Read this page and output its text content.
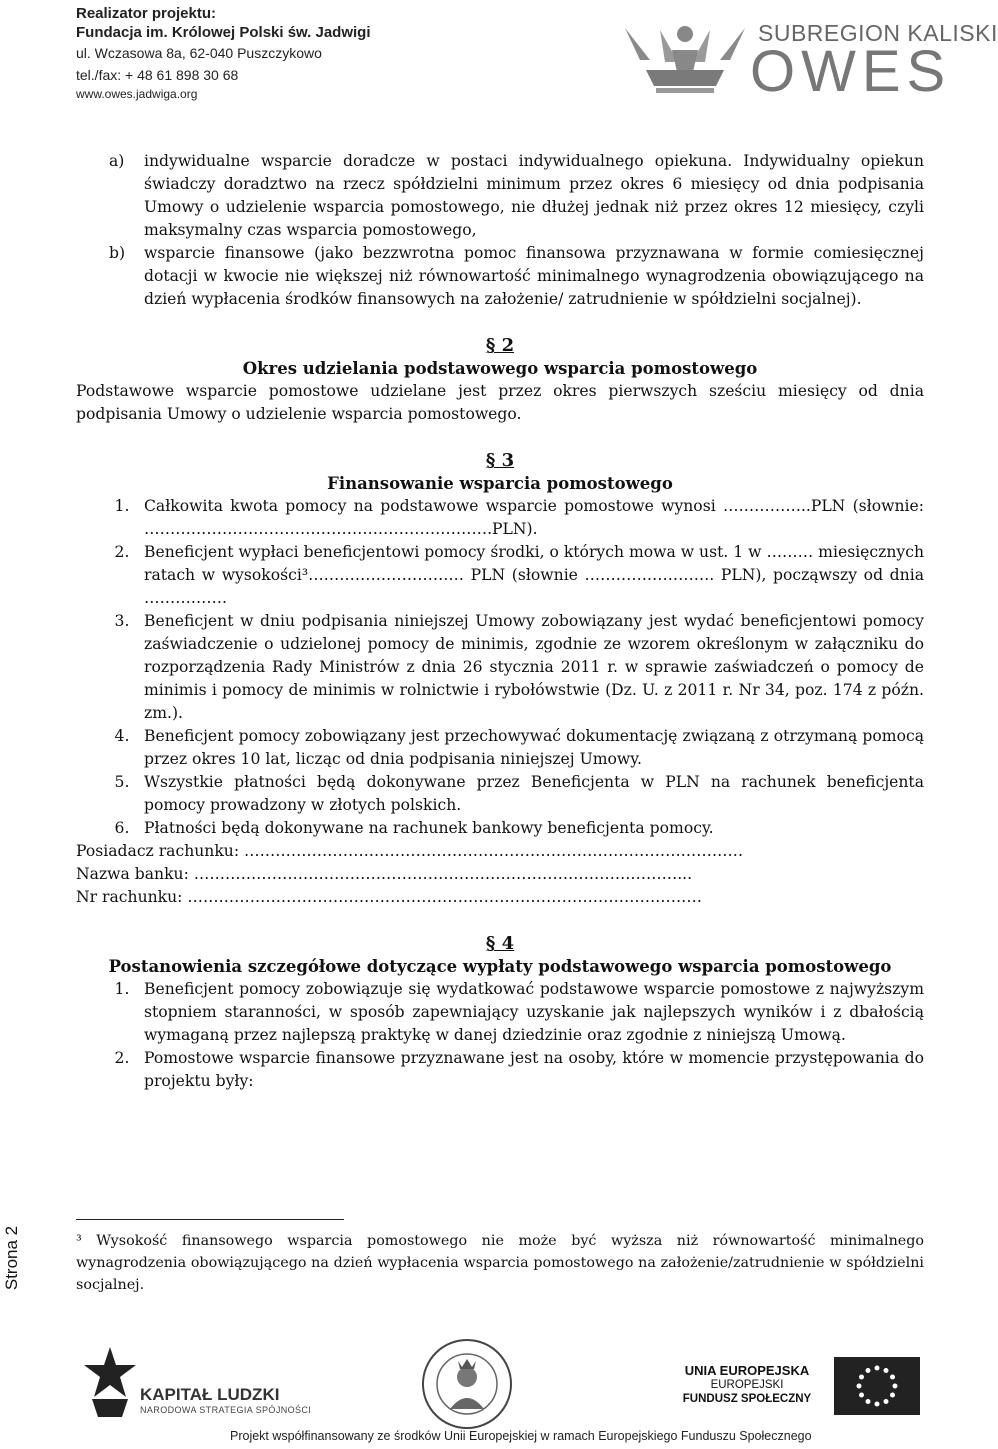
Realizator projektu:
Fundacja im. Królowej Polski św. Jadwigi
ul. Wczasowa 8a, 62-040 Puszczykowo
tel./fax: + 48 61 898 30 68
www.owes.jadwiga.org
SUBREGION KALISKI
OWES
a)	indywidualne wsparcie doradcze w postaci indywidualnego opiekuna. Indywidualny opiekun świadczy doradztwo na rzecz spółdzielni minimum przez okres 6 miesięcy od dnia podpisania Umowy o udzielenie wsparcia pomostowego, nie dłużej jednak niż przez okres 12 miesięcy, czyli maksymalny czas wsparcia pomostowego,
b)	wsparcie finansowe (jako bezzwrotna pomoc finansowa przyznawana w formie comiesięcznej dotacji w kwocie nie większej niż równowartość minimalnego wynagrodzenia obowiązującego na dzień wypłacenia środków finansowych na założenie/ zatrudnienie w spółdzielni socjalnej).
§ 2
Okres udzielania podstawowego wsparcia pomostowego

Podstawowe wsparcie pomostowe udzielane jest przez okres pierwszych sześciu miesięcy od dnia podpisania Umowy o udzielenie wsparcia pomostowego.

§ 3
Finansowanie wsparcia pomostowego
1. Całkowita kwota pomocy na podstawowe wsparcie pomostowe wynosi ……………..PLN (słownie: ………………………………………………………….PLN).
2. Beneficjent wypłaci beneficjentowi pomocy środki, o których mowa w ust. 1 w ……… miesięcznych ratach w wysokości³………………………… PLN (słownie ……………………. PLN), począwszy od dnia …………….
3. Beneficjent w dniu podpisania niniejszej Umowy zobowiązany jest wydać beneficjentowi pomocy zaświadczenie o udzielonej pomocy de minimis, zgodnie ze wzorem określonym w załączniku do rozporządzenia Rady Ministrów z dnia 26 stycznia 2011 r. w sprawie zaświadczeń o pomocy de minimis i pomocy de minimis w rolnictwie i rybołówstwie (Dz. U. z 2011 r. Nr 34, poz. 174 z późn. zm.).
4. Beneficjent pomocy zobowiązany jest przechowywać dokumentację związaną z otrzymaną pomocą przez okres 10 lat, licząc od dnia podpisania niniejszej Umowy.
5. Wszystkie płatności będą dokonywane przez Beneficjenta w PLN na rachunek beneficjenta pomocy prowadzony w złotych polskich.
6. Płatności będą dokonywane na rachunek bankowy beneficjenta pomocy.
Posiadacz rachunku: ……………………………………………………………………………………
Nazwa banku: …………………………………………………………………………………...
Nr rachunku: ………………………………………………………………………………………
§ 4
Postanowienia szczegółowe dotyczące wypłaty podstawowego wsparcia pomostowego
1. Beneficjent pomocy zobowiązuje się wydatkować podstawowe wsparcie pomostowe z najwyższym stopniem staranności, w sposób zapewniający uzyskanie jak najlepszych wyników i z dbałością wymaganą przez najlepszą praktykę w danej dziedzinie oraz zgodnie z niniejszą Umową.
2. Pomostowe wsparcie finansowe przyznawane jest na osoby, które w momencie przystępowania do projektu były:
³ Wysokość finansowego wsparcia pomostowego nie może być wyższa niż równowartość minimalnego wynagrodzenia obowiązującego na dzień wypłacenia wsparcia pomostowego na założenie/zatrudnienie w spółdzielni socjalnej.
Strona 2
KAPITAŁ LUDZKI
NARODOWA STRATEGIA SPÓJNOŚCI
UNIA EUROPEJSKA
EUROPEJSKI
FUNDUSZ SPOŁECZNY
Projekt współfinansowany ze środków Unii Europejskiej w ramach Europejskiego Funduszu Społecznego
